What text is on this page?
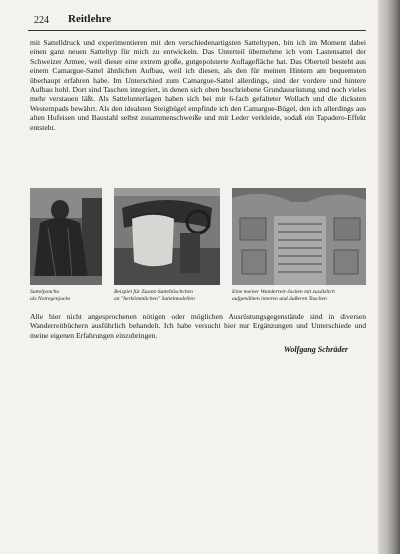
224 Reitlehre

mit Sattelldruck und experimentieren mit den verschiedenartigsten Satteltypen, bin ich im Moment dabei einen ganz neuen Satteltyp für mich zu entwickeln. Das Unterteil übernehme ich vom Lastensattel der Schweizer Armee, weil dieser eine extrem große, gutgepolsterte Auflagefläche hat. Das Oberteil besteht aus einem Camargue-Sattel ähnlichen Aufbau, weil ich diesen, als den für meinen Hintern am bequemsten überhaupt erfahren habe. Im Unterschied zum Camargue-Sattel allerdings, sind der vordere und hintere Aufbau hohl. Dort sind Taschen integriert, in denen sich oben beschriebene Grundausrüstung und noch vieles mehr verstauen läßt. Als Sattelunterlagen haben sich bei mir 6-fach gefalteter Wollach und die dicksten Westernpads bewährt. Als den idealsten Steigbügel empfinde ich den Camargue-Bügel, den ich allerdings aus alten Hufeisen und Baustahl selbst zusammenschweiße und mit Leder verkleide, sodaß ein Tapadero-Effekt entsteht.

Sattelponcho
als Notregenjacke
Beispiel für Zusatz-Satteltäschchen
an "herkömmlichen" Sattelmodellen
Eine meiner Wanderreit-Jacken mit zusätzlich
aufgenähten inneren und äußeren Taschen

Alle hier nicht angesprochenen nötigen oder möglichen Ausrüstungsgegenstände sind in diversen Wanderreitbüchern ausführlich behandelt. Ich habe versucht hier nur Ergänzungen und Unterschiede und meine eigenen Erfahrungen einzubringen.

Wolfgang Schräder
